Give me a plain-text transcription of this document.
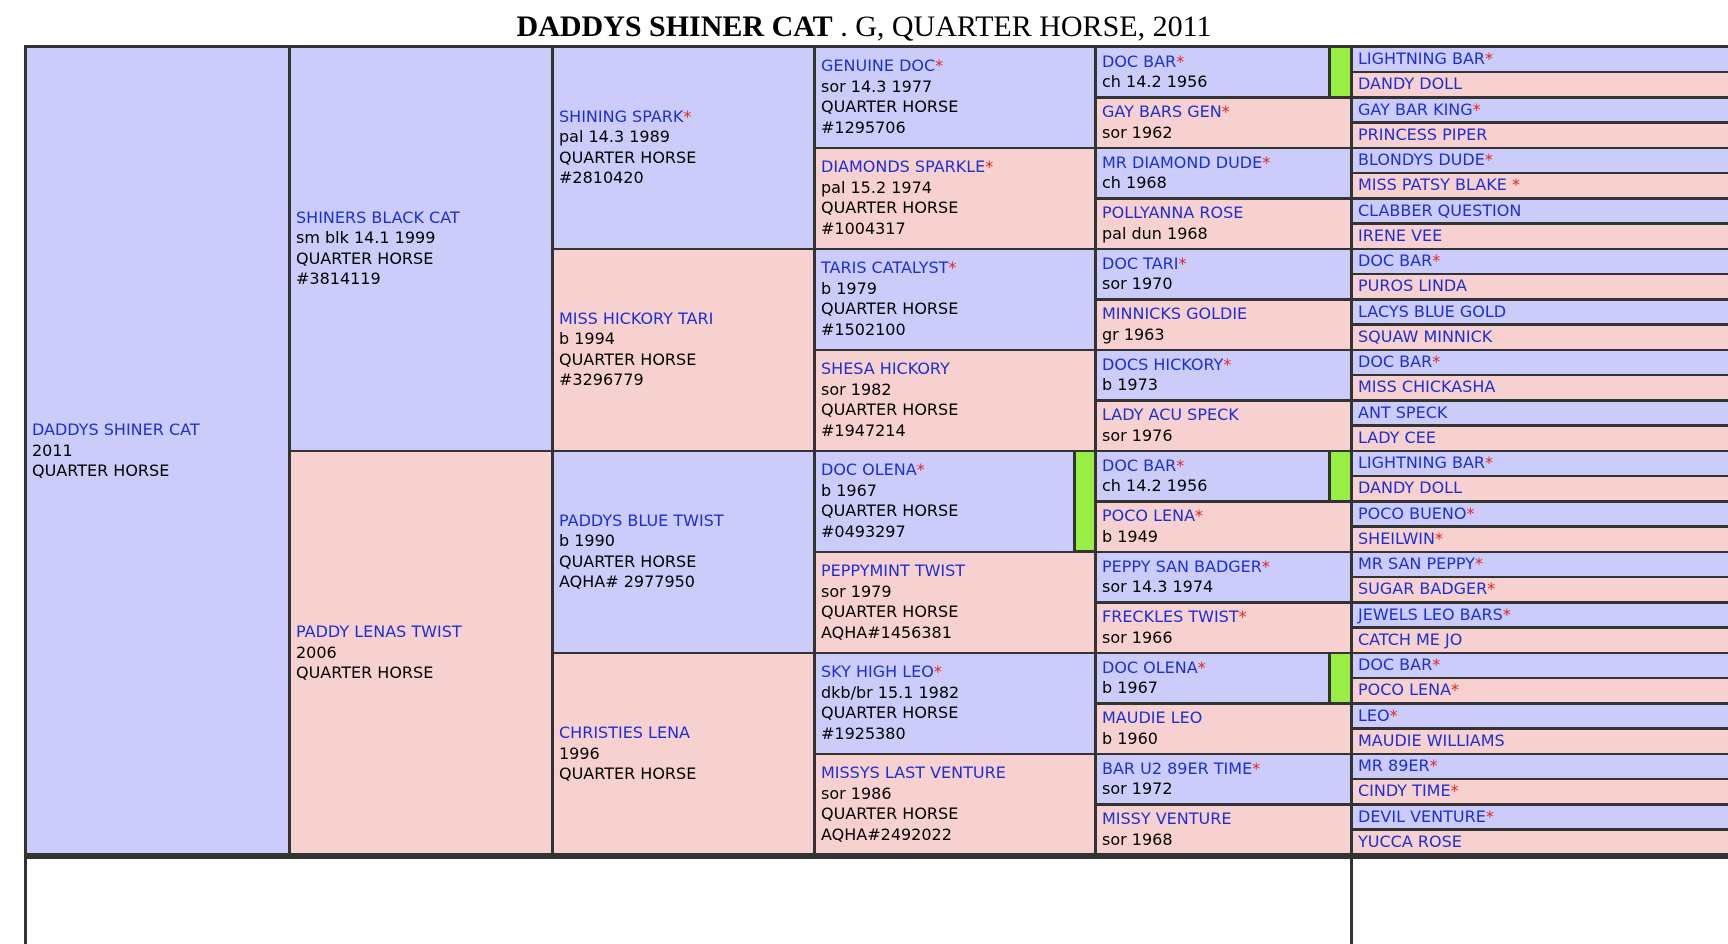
DADDYS SHINER CAT . G, QUARTER HORSE, 2011
DADDYS SHINER CAT
2011
QUARTER HORSE
SHINERS BLACK CAT
sm blk 14.1 1999
QUARTER HORSE
#3814119
PADDY LENAS TWIST
2006
QUARTER HORSE
SHINING SPARK*
pal 14.3 1989
QUARTER HORSE
#2810420
MISS HICKORY TARI
b 1994
QUARTER HORSE
#3296779
PADDYS BLUE TWIST
b 1990
QUARTER HORSE
AQHA# 2977950
CHRISTIES LENA
1996
QUARTER HORSE
GENUINE DOC*
sor 14.3 1977
QUARTER HORSE
#1295706
DIAMONDS SPARKLE*
pal 15.2 1974
QUARTER HORSE
#1004317
TARIS CATALYST*
b 1979
QUARTER HORSE
#1502100
SHESA HICKORY
sor 1982
QUARTER HORSE
#1947214
DOC OLENA*
b 1967
QUARTER HORSE
#0493297
PEPPYMINT TWIST
sor 1979
QUARTER HORSE
AQHA#1456381
SKY HIGH LEO*
dkb/br 15.1 1982
QUARTER HORSE
#1925380
MISSYS LAST VENTURE
sor 1986
QUARTER HORSE
AQHA#2492022
DOC BAR*
ch 14.2 1956
GAY BARS GEN*
sor 1962
MR DIAMOND DUDE*
ch 1968
POLLYANNA ROSE
pal dun 1968
DOC TARI*
sor 1970
MINNICKS GOLDIE
gr 1963
DOCS HICKORY*
b 1973
LADY ACU SPECK
sor 1976
DOC BAR*
ch 14.2 1956
POCO LENA*
b 1949
PEPPY SAN BADGER*
sor 14.3 1974
FRECKLES TWIST*
sor 1966
DOC OLENA*
b 1967
MAUDIE LEO
b 1960
BAR U2 89ER TIME*
sor 1972
MISSY VENTURE
sor 1968
LIGHTNING BAR*
DANDY DOLL
GAY BAR KING*
PRINCESS PIPER
BLONDYS DUDE*
MISS PATSY BLAKE *
CLABBER QUESTION
IRENE VEE
DOC BAR*
PUROS LINDA
LACYS BLUE GOLD
SQUAW MINNICK
DOC BAR*
MISS CHICKASHA
ANT SPECK
LADY CEE
LIGHTNING BAR*
DANDY DOLL
POCO BUENO*
SHEILWIN*
MR SAN PEPPY*
SUGAR BADGER*
JEWELS LEO BARS*
CATCH ME JO
DOC BAR*
POCO LENA*
LEO*
MAUDIE WILLIAMS
MR 89ER*
CINDY TIME*
DEVIL VENTURE*
YUCCA ROSE
